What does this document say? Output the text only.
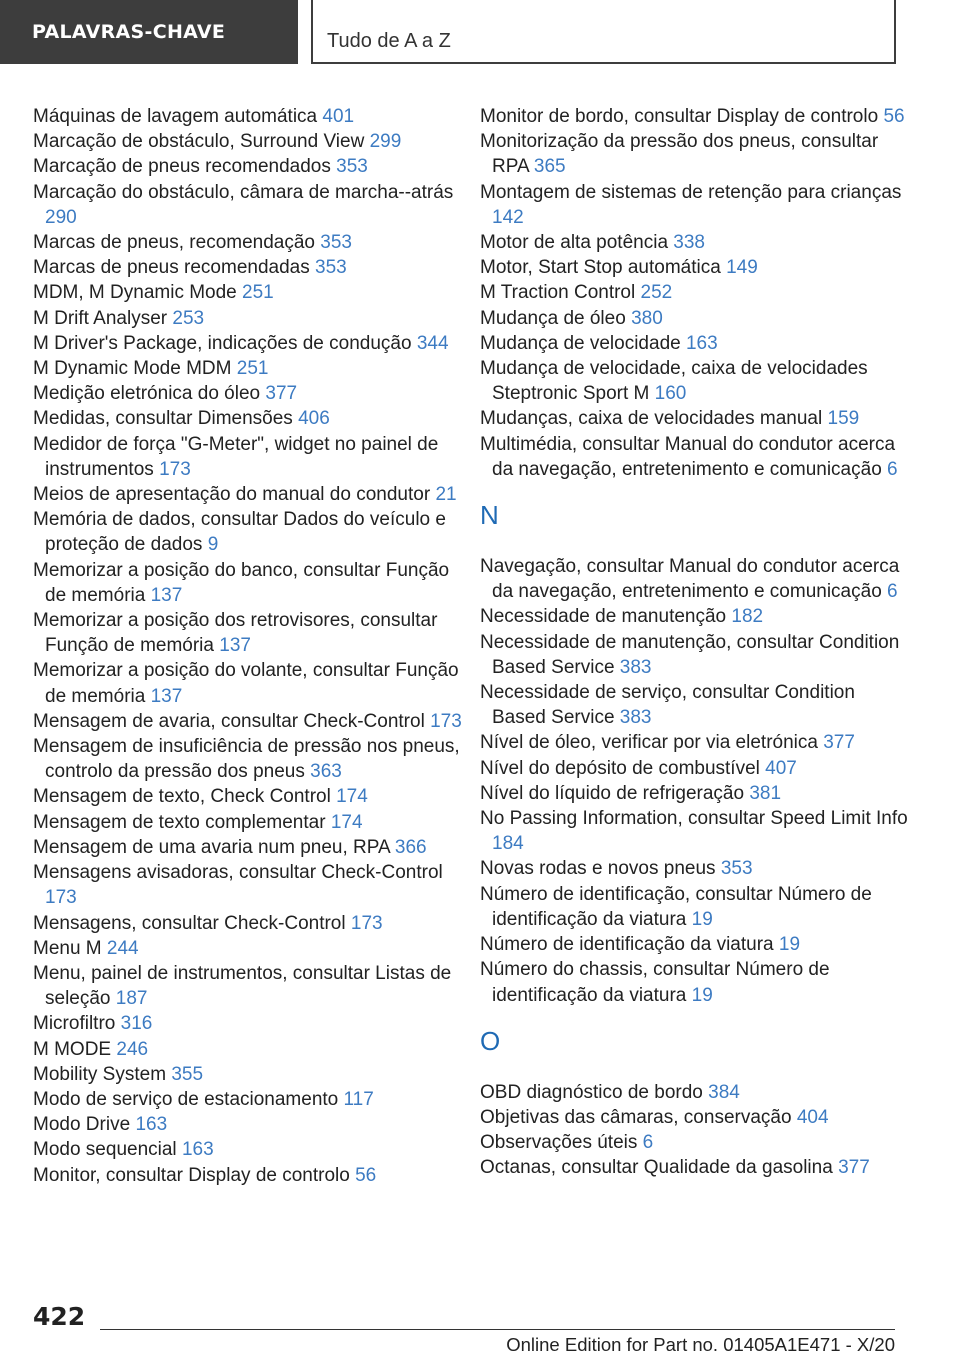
PALAVRAS-CHAVE	Tudo de A a Z
Máquinas de lavagem automática 401
Marcação de obstáculo, Surround View 299
Marcação de pneus recomendados 353
Marcação do obstáculo, câmara de marcha--atrás 290
Marcas de pneus, recomendação 353
Marcas de pneus recomendadas 353
MDM, M Dynamic Mode 251
M Drift Analyser 253
M Driver's Package, indicações de condução 344
M Dynamic Mode MDM 251
Medição eletrónica do óleo 377
Medidas, consultar Dimensões 406
Medidor de força "G-Meter", widget no painel de instrumentos 173
Meios de apresentação do manual do condutor 21
Memória de dados, consultar Dados do veículo e proteção de dados 9
Memorizar a posição do banco, consultar Função de memória 137
Memorizar a posição dos retrovisores, consultar Função de memória 137
Memorizar a posição do volante, consultar Função de memória 137
Mensagem de avaria, consultar Check-Control 173
Mensagem de insuficiência de pressão nos pneus, controlo da pressão dos pneus 363
Mensagem de texto, Check Control 174
Mensagem de texto complementar 174
Mensagem de uma avaria num pneu, RPA 366
Mensagens avisadoras, consultar Check-Control 173
Mensagens, consultar Check-Control 173
Menu M 244
Menu, painel de instrumentos, consultar Listas de seleção 187
Microfiltro 316
M MODE 246
Mobility System 355
Modo de serviço de estacionamento 117
Modo Drive 163
Modo sequencial 163
Monitor, consultar Display de controlo 56
Monitor de bordo, consultar Display de controlo 56
Monitorização da pressão dos pneus, consultar RPA 365
Montagem de sistemas de retenção para crianças 142
Motor de alta potência 338
Motor, Start Stop automática 149
M Traction Control 252
Mudança de óleo 380
Mudança de velocidade 163
Mudança de velocidade, caixa de velocidades Steptronic Sport M 160
Mudanças, caixa de velocidades manual 159
Multimédia, consultar Manual do condutor acerca da navegação, entretenimento e comunicação 6
N
Navegação, consultar Manual do condutor acerca da navegação, entretenimento e comunicação 6
Necessidade de manutenção 182
Necessidade de manutenção, consultar Condition Based Service 383
Necessidade de serviço, consultar Condition Based Service 383
Nível de óleo, verificar por via eletrónica 377
Nível do depósito de combustível 407
Nível do líquido de refrigeração 381
No Passing Information, consultar Speed Limit Info 184
Novas rodas e novos pneus 353
Número de identificação, consultar Número de identificação da viatura 19
Número de identificação da viatura 19
Número do chassis, consultar Número de identificação da viatura 19
O
OBD diagnóstico de bordo 384
Objetivas das câmaras, conservação 404
Observações úteis 6
Octanas, consultar Qualidade da gasolina 377
422
Online Edition for Part no. 01405A1E471 - X/20
